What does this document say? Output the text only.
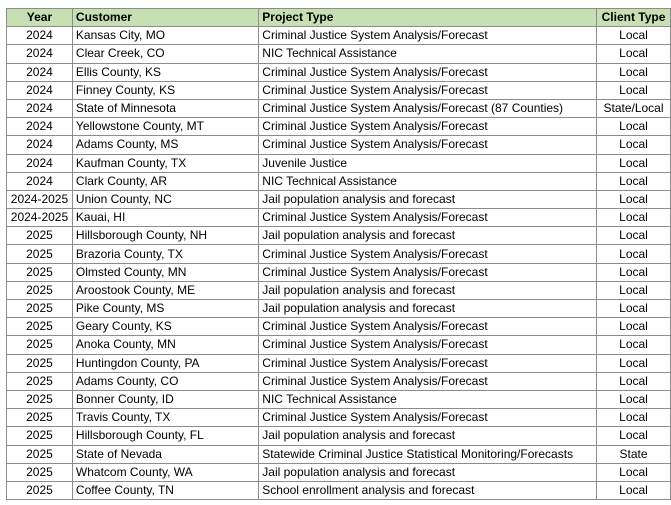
Year	Customer	Project Type	Client Type
2024	Kansas City, MO	Criminal Justice System Analysis/Forecast	Local
2024	Clear Creek, CO	NIC Technical Assistance	Local
2024	Ellis County, KS	Criminal Justice System Analysis/Forecast	Local
2024	Finney County, KS	Criminal Justice System Analysis/Forecast	Local
2024	State of Minnesota	Criminal Justice System Analysis/Forecast (87 Counties)	State/Local
2024	Yellowstone County, MT	Criminal Justice System Analysis/Forecast	Local
2024	Adams County, MS	Criminal Justice System Analysis/Forecast	Local
2024	Kaufman County, TX	Juvenile Justice	Local
2024	Clark County, AR	NIC Technical Assistance	Local
2024-2025	Union County, NC	Jail population analysis and forecast	Local
2024-2025	Kauai, HI	Criminal Justice System Analysis/Forecast	Local
2025	Hillsborough County, NH	Jail population analysis and forecast	Local
2025	Brazoria County, TX	Criminal Justice System Analysis/Forecast	Local
2025	Olmsted County, MN	Criminal Justice System Analysis/Forecast	Local
2025	Aroostook County, ME	Jail population analysis and forecast	Local
2025	Pike County, MS	Jail population analysis and forecast	Local
2025	Geary County, KS	Criminal Justice System Analysis/Forecast	Local
2025	Anoka County, MN	Criminal Justice System Analysis/Forecast	Local
2025	Huntingdon County, PA	Criminal Justice System Analysis/Forecast	Local
2025	Adams County, CO	Criminal Justice System Analysis/Forecast	Local
2025	Bonner County, ID	NIC Technical Assistance	Local
2025	Travis County, TX	Criminal Justice System Analysis/Forecast	Local
2025	Hillsborough County, FL	Jail population analysis and forecast	Local
2025	State of Nevada	Statewide Criminal Justice Statistical Monitoring/Forecasts	State
2025	Whatcom County, WA	Jail population analysis and forecast	Local
2025	Coffee County, TN	School enrollment analysis and forecast	Local
